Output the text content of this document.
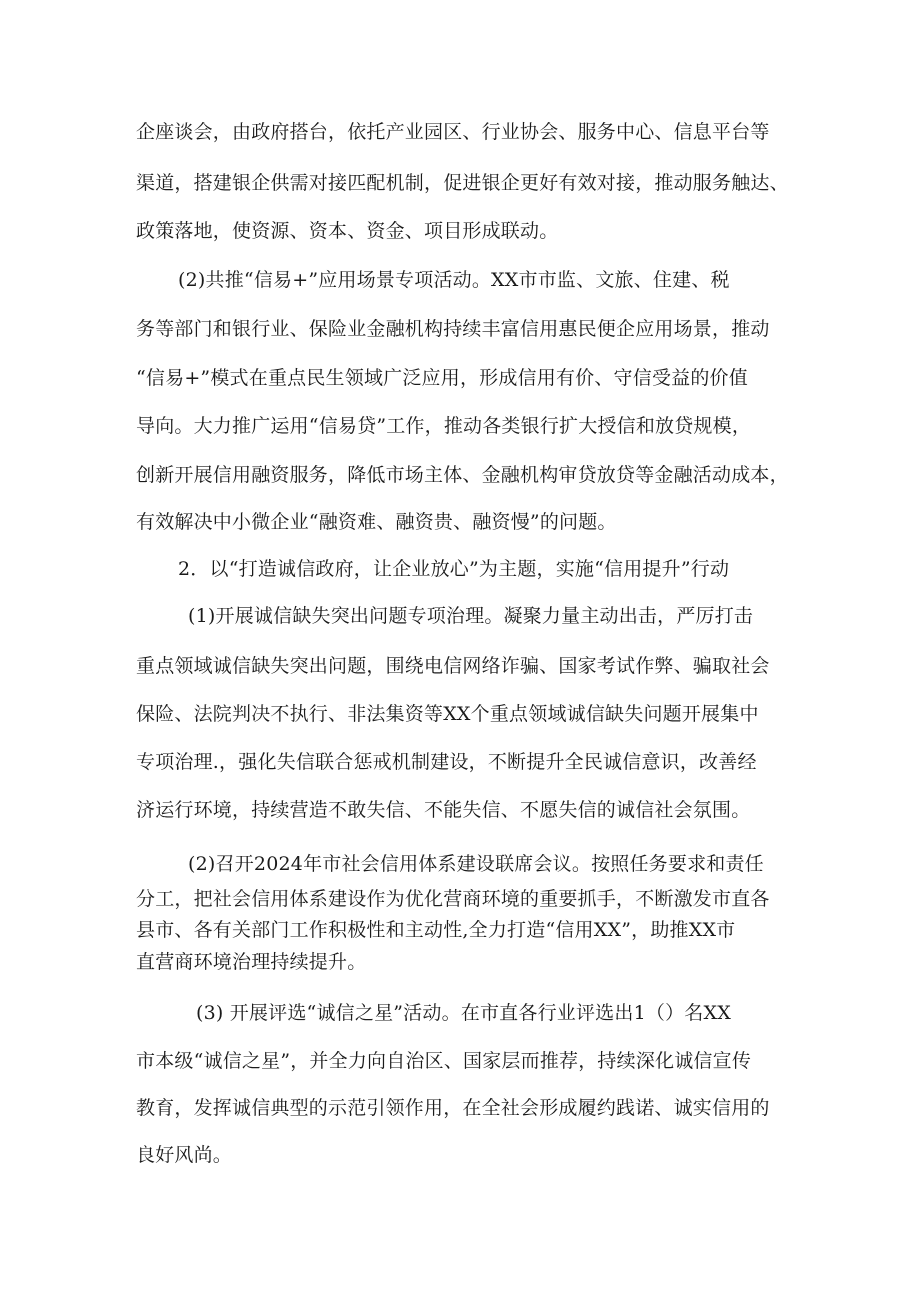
企座谈会，由政府搭台，依托产业园区、行业协会、服务中心、信息平台等

渠道，搭建银企供需对接匹配机制，促进银企更好有效对接，推动服务触达、

政策落地，使资源、资本、资金、项目形成联动。

(2)共推“信易+”应用场景专项活动。XX市市监、文旅、住建、税

务等部门和银行业、保险业金融机构持续丰富信用惠民便企应用场景，推动

“信易+”模式在重点民生领域广泛应用，形成信用有价、守信受益的价值

导向。大力推广运用“信易贷”工作，推动各类银行扩大授信和放贷规模，

创新开展信用融资服务，降低市场主体、金融机构审贷放贷等金融活动成本，

有效解决中小微企业“融资难、融资贵、融资慢”的问题。

2．以“打造诚信政府，让企业放心”为主题，实施“信用提升”行动

(1)开展诚信缺失突出问题专项治理。凝聚力量主动出击，严厉打击

重点领域诚信缺失突出问题，围绕电信网络诈骗、国家考试作弊、骗取社会

保险、法院判决不执行、非法集资等XX个重点领域诚信缺失问题开展集中

专项治理.，强化失信联合惩戒机制建设，不断提升全民诚信意识，改善经

济运行环境，持续营造不敢失信、不能失信、不愿失信的诚信社会氛围。

(2)召开2024年市社会信用体系建设联席会议。按照任务要求和责任

分工，把社会信用体系建设作为优化营商环境的重要抓手，不断激发市直各

县市、各有关部门工作积极性和主动性,全力打造“信用XX”，助推XX市

直营商环境治理持续提升。

(3) 开展评选“诚信之星”活动。在市直各行业评选出1（）名XX

市本级“诚信之星”，并全力向自治区、国家层而推荐，持续深化诚信宣传

教育，发挥诚信典型的示范引领作用，在全社会形成履约践诺、诚实信用的

良好风尚。
